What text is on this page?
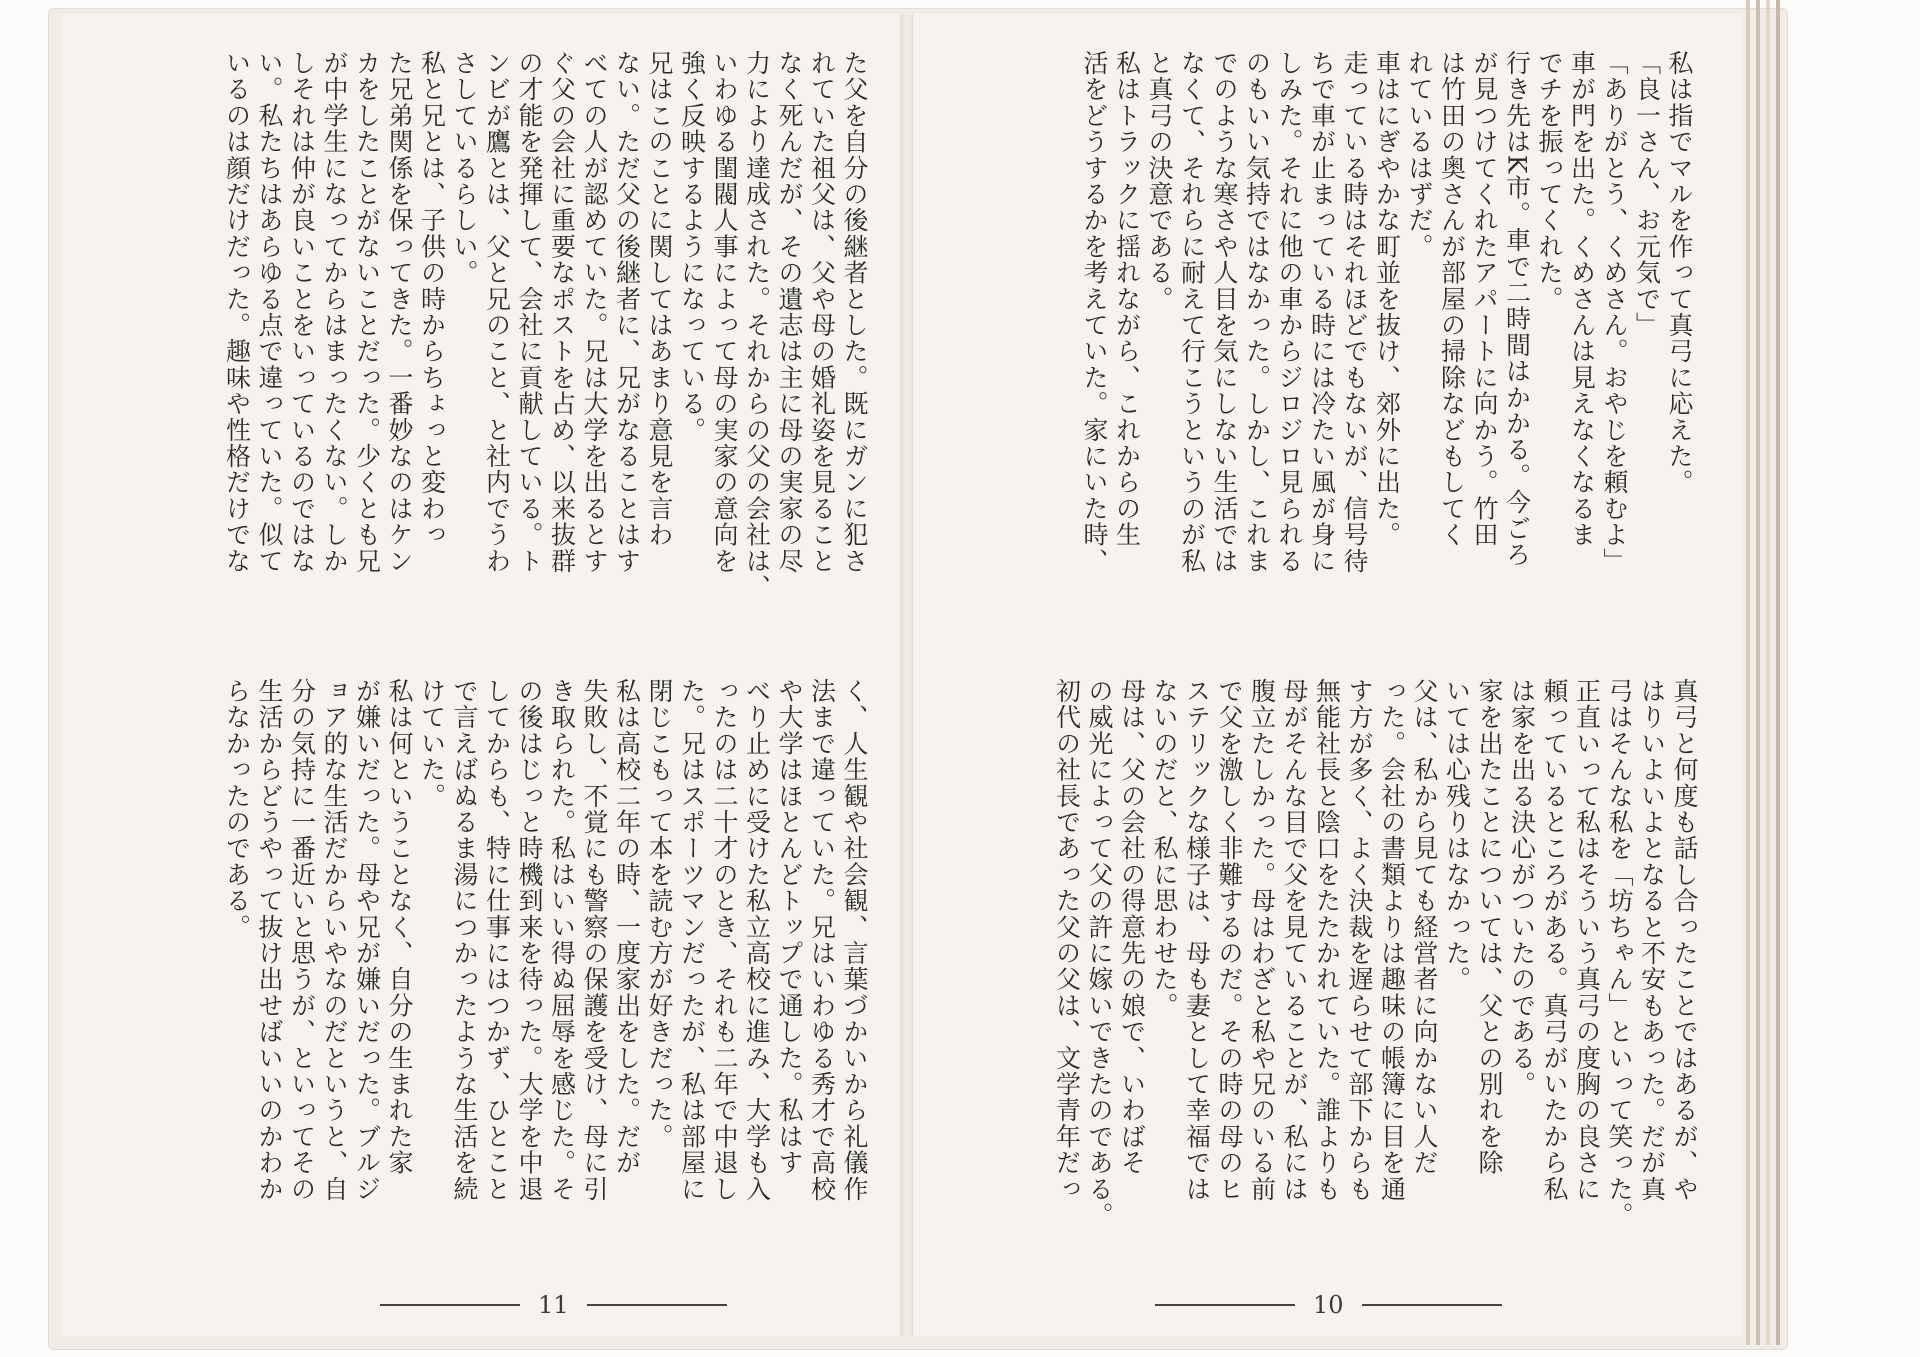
私は指でマルを作って真弓に応えた。

「良一さん、お元気で」

「ありがとう、くめさん。おやじを頼むよ」

車が門を出た。くめさんは見えなくなるま

でチを振ってくれた。

行き先はK市。車で二時間はかかる。今ごろ

が見つけてくれたアパートに向かう。竹田

は竹田の奥さんが部屋の掃除などもしてく

れているはずだ。

車はにぎやかな町並を抜け、郊外に出た。

走っている時はそれほどでもないが、信号待

ちで車が止まっている時には冷たい風が身に

しみた。それに他の車からジロジロ見られる

のもいい気持ではなかった。しかし、これま

でのような寒さや人目を気にしない生活では

なくて、それらに耐えて行こうというのが私

と真弓の決意である。

私はトラックに揺れながら、これからの生

活をどうするかを考えていた。家にいた時、

真弓と何度も話し合ったことではあるが、や

はりいよいよとなると不安もあった。だが真

弓はそんな私を「坊ちゃん」といって笑った。

正直いって私はそういう真弓の度胸の良さに

頼っているところがある。真弓がいたから私

は家を出る決心がついたのである。

家を出たことについては、父との別れを除

いては心残りはなかった。

父は、私から見ても経営者に向かない人だ

った。会社の書類よりは趣味の帳簿に目を通

す方が多く、よく決裁を遅らせて部下からも

無能社長と陰口をたたかれていた。誰よりも

母がそんな目で父を見ていることが、私には

腹立たしかった。母はわざと私や兄のいる前

で父を激しく非難するのだ。その時の母のヒ

ステリックな様子は、母も妻として幸福では

ないのだと、私に思わせた。

母は、父の会社の得意先の娘で、いわばそ

の威光によって父の許に嫁いできたのである。

初代の社長であった父の父は、文学青年だっ

10

た父を自分の後継者とした。既にガンに犯さ

れていた祖父は、父や母の婚礼姿を見ること

なく死んだが、その遺志は主に母の実家の尽

力により達成された。それからの父の会社は、

いわゆる閨閥人事によって母の実家の意向を

強く反映するようになっている。

兄はこのことに関してはあまり意見を言わ

ない。ただ父の後継者に、兄がなることはす

べての人が認めていた。兄は大学を出るとす

ぐ父の会社に重要なポストを占め、以来抜群

の才能を発揮して、会社に貢献している。ト

ンビが鷹とは、父と兄のこと、と社内でうわ

さしているらしい。

私と兄とは、子供の時からちょっと変わっ

た兄弟関係を保ってきた。一番妙なのはケン

カをしたことがないことだった。少くとも兄

が中学生になってからはまったくない。しか

しそれは仲が良いことをいっているのではな

い。私たちはあらゆる点で違っていた。似て

いるのは顔だけだった。趣味や性格だけでな

く、人生観や社会観、言葉づかいから礼儀作

法まで違っていた。兄はいわゆる秀才で高校

や大学はほとんどトップで通した。私はす

べり止めに受けた私立高校に進み、大学も入

ったのは二十才のとき、それも二年で中退し

た。兄はスポーツマンだったが、私は部屋に

閉じこもって本を読む方が好きだった。

私は高校二年の時、一度家出をした。だが

失敗し、不覚にも警察の保護を受け、母に引

き取られた。私はいい得ぬ屈辱を感じた。そ

の後はじっと時機到来を待った。大学を中退

してからも、特に仕事にはつかず、ひとこと

で言えばぬるま湯につかったような生活を続

けていた。

私は何ということなく、自分の生まれた家

が嫌いだった。母や兄が嫌いだった。ブルジ

ョア的な生活だからいやなのだというと、自

分の気持に一番近いと思うが、といってその

生活からどうやって抜け出せばいいのかわか

らなかったのである。

11
